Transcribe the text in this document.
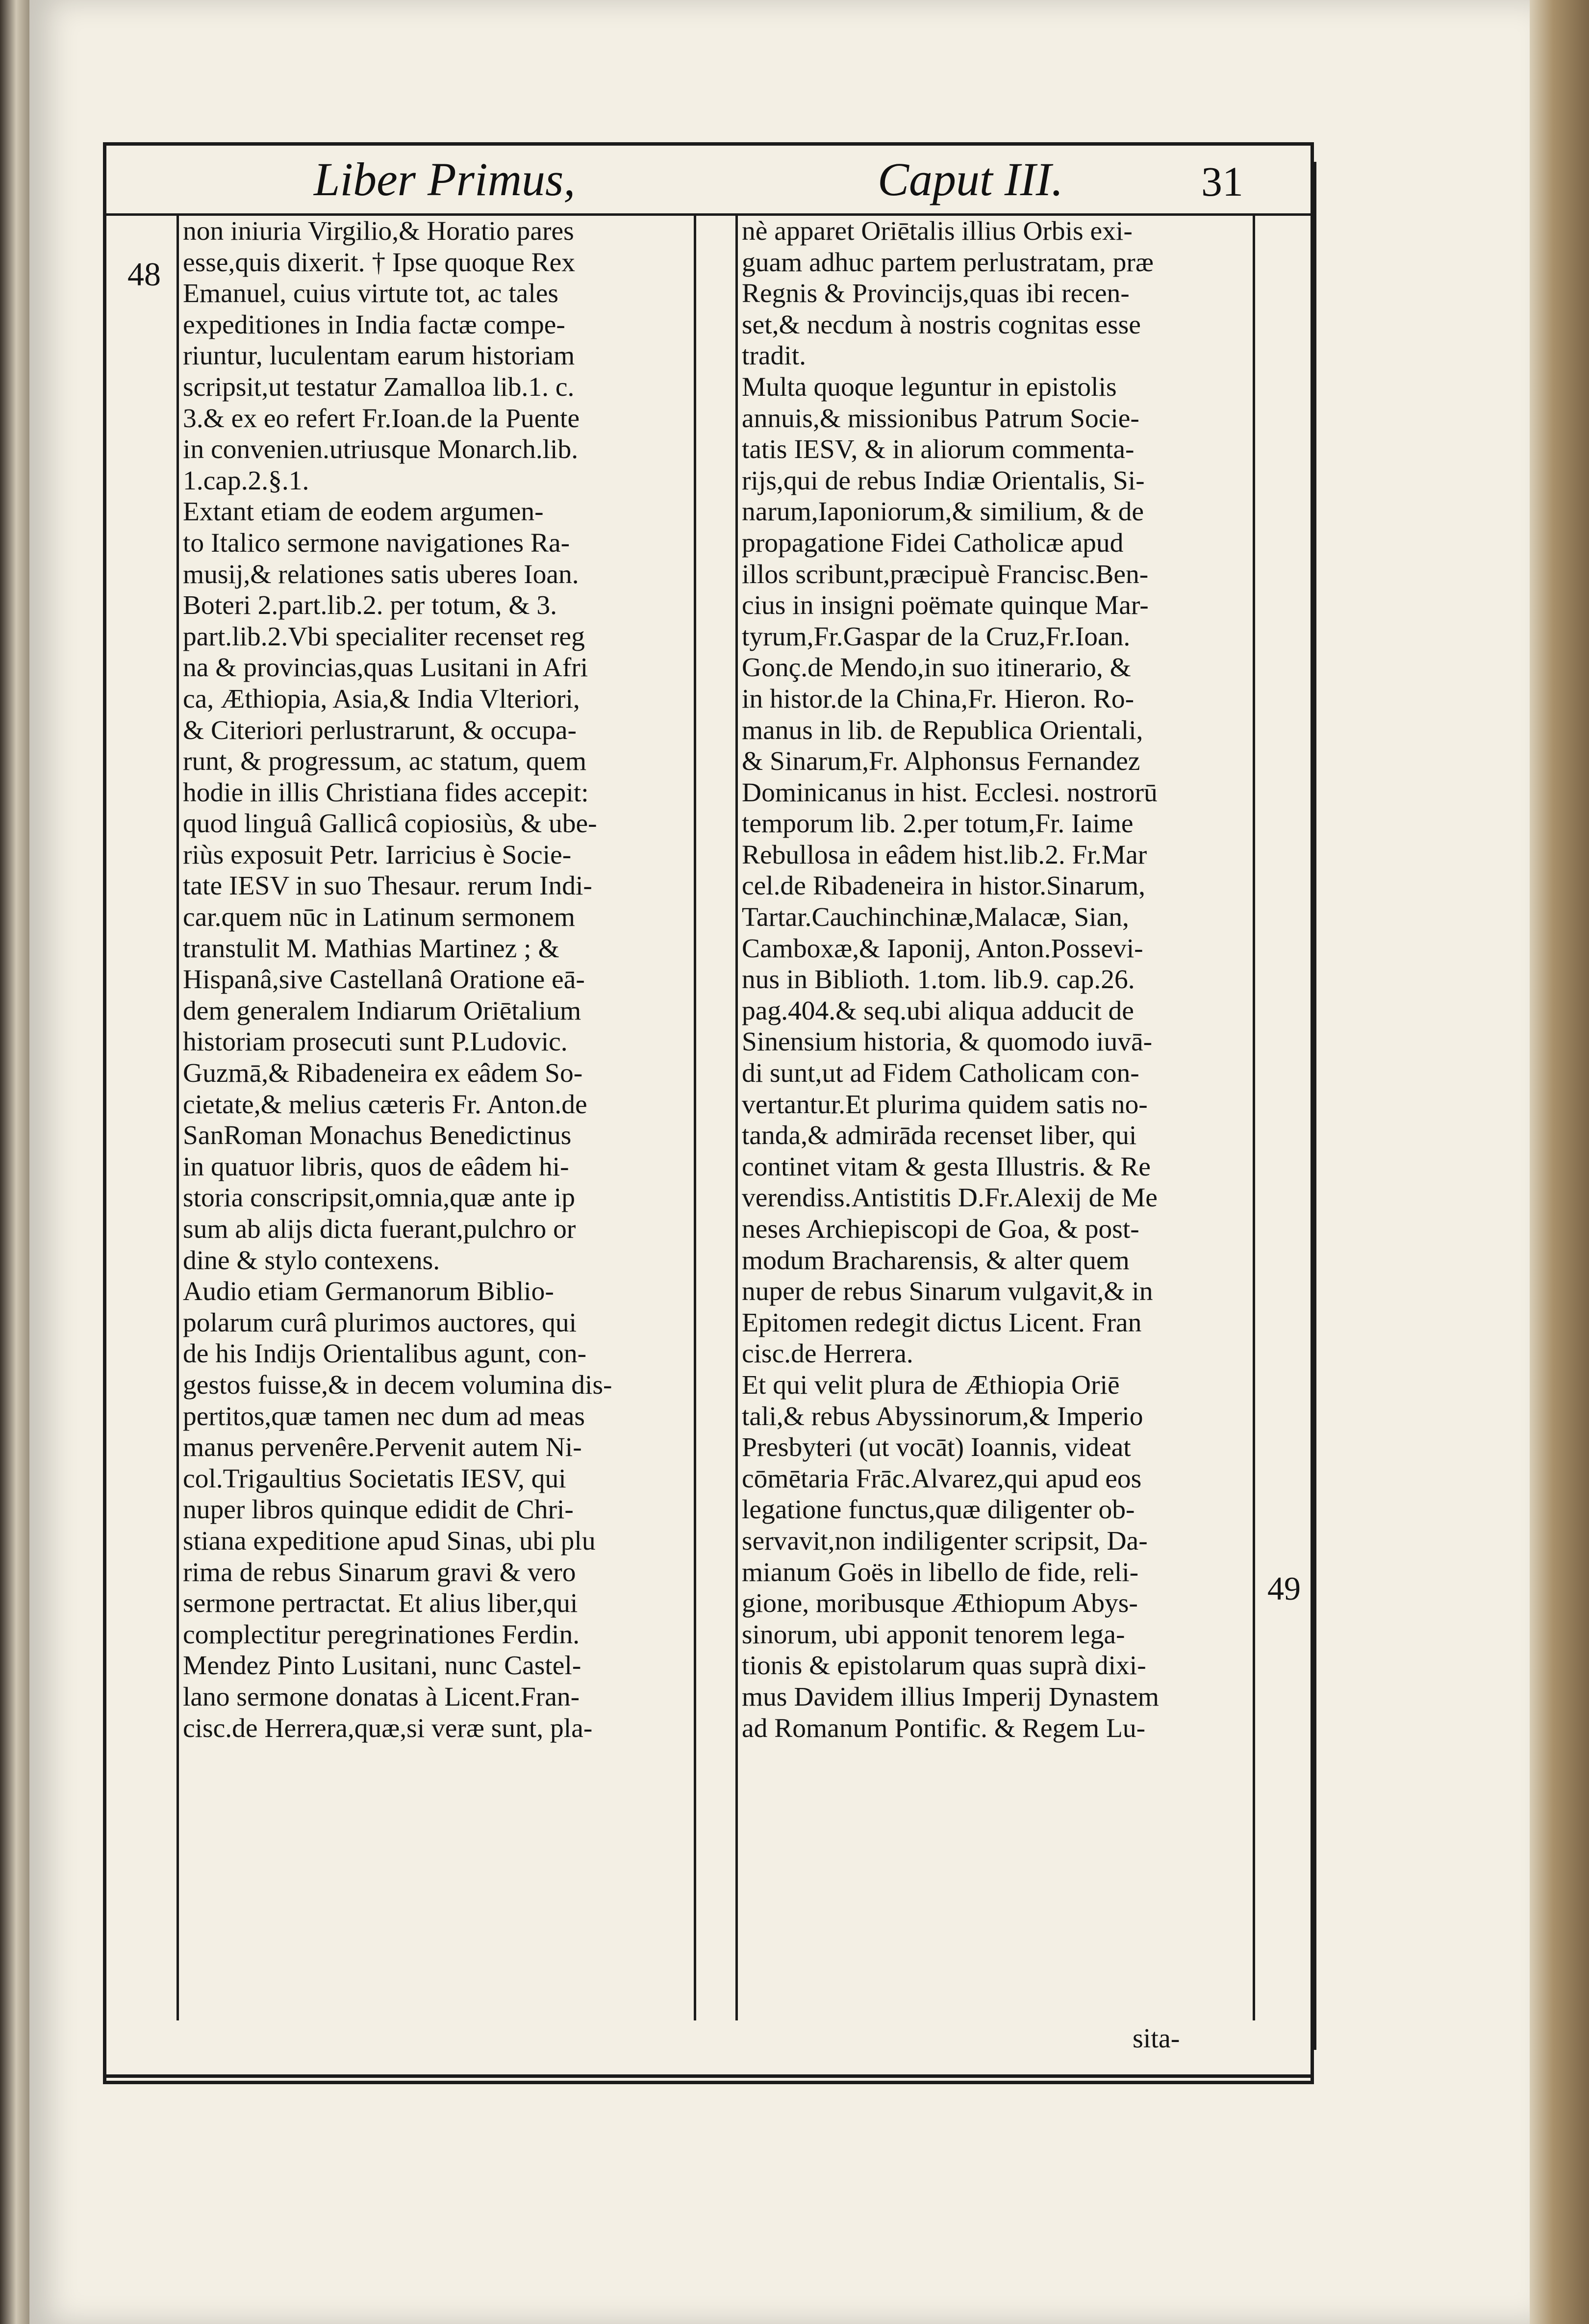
Liber Primus,	Caput III.	31
48
49
non iniuria Virgilio,& Horatio pares
esse,quis dixerit. † Ipse quoque Rex
Emanuel, cuius virtute tot, ac tales
expeditiones in India factæ compe-
riuntur, luculentam earum historiam
scripsit,ut testatur Zamalloa lib.1. c.
3.& ex eo refert Fr.Ioan.de la Puente
in convenien.utriusque Monarch.lib.
1.cap.2.§.1.
Extant etiam de eodem argumen-
to Italico sermone navigationes Ra-
musij,& relationes satis uberes Ioan.
Boteri 2.part.lib.2. per totum, & 3.
part.lib.2.Vbi specialiter recenset reg
na & provincias,quas Lusitani in Afri
ca, Æthiopia, Asia,& India Vlteriori,
& Citeriori perlustrarunt, & occupa-
runt, & progressum, ac statum, quem
hodie in illis Christiana fides accepit:
quod linguâ Gallicâ copiosiùs, & ube-
riùs exposuit Petr. Iarricius è Socie-
tate IESV in suo Thesaur. rerum Indi-
car.quem nūc in Latinum sermonem
transtulit M. Mathias Martinez ; &
Hispanâ,sive Castellanâ Oratione eā-
dem generalem Indiarum Oriētalium
historiam prosecuti sunt P.Ludovic.
Guzmā,& Ribadeneira ex eâdem So-
cietate,& melius cæteris Fr. Anton.de
SanRoman Monachus Benedictinus
in quatuor libris, quos de eâdem hi-
storia conscripsit,omnia,quæ ante ip
sum ab alijs dicta fuerant,pulchro or
dine & stylo contexens.
Audio etiam Germanorum Biblio-
polarum curâ plurimos auctores, qui
de his Indijs Orientalibus agunt, con-
gestos fuisse,& in decem volumina dis-
pertitos,quæ tamen nec dum ad meas
manus pervenêre.Pervenit autem Ni-
col.Trigaultius Societatis IESV, qui
nuper libros quinque edidit de Chri-
stiana expeditione apud Sinas, ubi plu
rima de rebus Sinarum gravi & vero
sermone pertractat. Et alius liber,qui
complectitur peregrinationes Ferdin.
Mendez Pinto Lusitani, nunc Castel-
lano sermone donatas à Licent.Fran-
cisc.de Herrera,quæ,si veræ sunt, pla-
nè apparet Oriētalis illius Orbis exi-
guam adhuc partem perlustratam, præ
Regnis & Provincijs,quas ibi recen-
set,& necdum à nostris cognitas esse
tradit.
Multa quoque leguntur in epistolis
annuis,& missionibus Patrum Socie-
tatis IESV, & in aliorum commenta-
rijs,qui de rebus Indiæ Orientalis, Si-
narum,Iaponiorum,& similium, & de
propagatione Fidei Catholicæ apud
illos scribunt,præcipuè Francisc.Ben-
cius in insigni poëmate quinque Mar-
tyrum,Fr.Gaspar de la Cruz,Fr.Ioan.
Gonç.de Mendo,in suo itinerario, &
in histor.de la China,Fr. Hieron. Ro-
manus in lib. de Republica Orientali,
& Sinarum,Fr. Alphonsus Fernandez
Dominicanus in hist. Ecclesi. nostrorū
temporum lib. 2.per totum,Fr. Iaime
Rebullosa in eâdem hist.lib.2. Fr.Mar
cel.de Ribadeneira in histor.Sinarum,
Tartar.Cauchinchinæ,Malacæ, Sian,
Camboxæ,& Iaponij, Anton.Possevi-
nus in Biblioth. 1.tom. lib.9. cap.26.
pag.404.& seq.ubi aliqua adducit de
Sinensium historia, & quomodo iuvā-
di sunt,ut ad Fidem Catholicam con-
vertantur.Et plurima quidem satis no-
tanda,& admirāda recenset liber, qui
continet vitam & gesta Illustris. & Re
verendiss.Antistitis D.Fr.Alexij de Me
neses Archiepiscopi de Goa, & post-
modum Bracharensis, & alter quem
nuper de rebus Sinarum vulgavit,& in
Epitomen redegit dictus Licent. Fran
cisc.de Herrera.
Et qui velit plura de Æthiopia Oriē
tali,& rebus Abyssinorum,& Imperio
Presbyteri (ut vocāt) Ioannis, videat
cōmētaria Frāc.Alvarez,qui apud eos
legatione functus,quæ diligenter ob-
servavit,non indiligenter scripsit, Da-
mianum Goës in libello de fide, reli-
gione, moribusque Æthiopum Abys-
sinorum, ubi apponit tenorem lega-
tionis & epistolarum quas suprà dixi-
mus Davidem illius Imperij Dynastem
ad Romanum Pontific. & Regem Lu-
sita-
